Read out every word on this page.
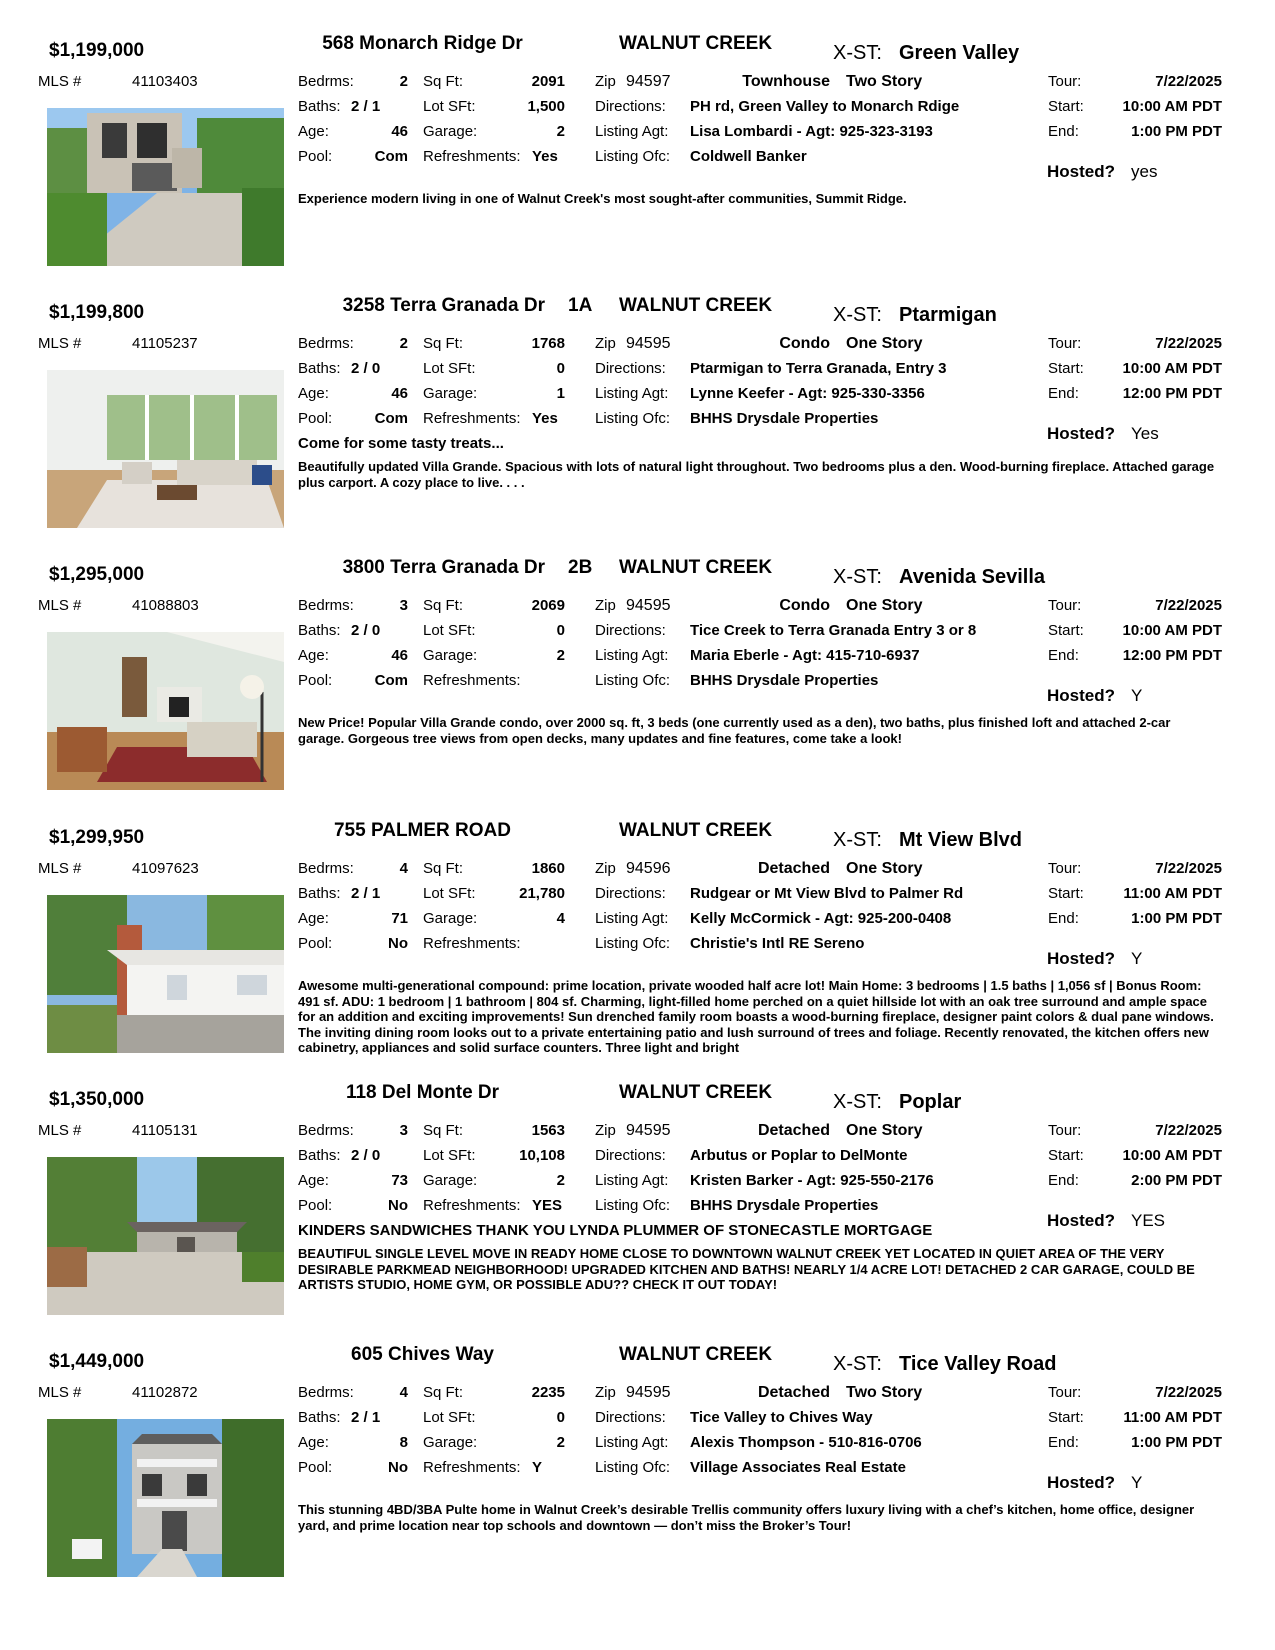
$1,199,000	568 Monarch Ridge Dr	WALNUT CREEK	X-ST: Green Valley
MLS #	41103403	Bedrms:	2
Baths: 2 / 1
Age:	46
Pool:	Com
Sq Ft:	2091
Lot SFt:	1,500
Garage:	2
Refreshments: Yes
Zip 94597	Townhouse Two Story
Directions: PH rd, Green Valley to Monarch Rdige
Listing Agt: Lisa Lombardi - Agt: 925-323-3193
Listing Ofc: Coldwell Banker
Tour:	7/22/2025
Start:	10:00 AM PDT
End:	1:00 PM PDT
Hosted? yes
Experience modern living in one of Walnut Creek's most sought-after communities, Summit Ridge.
$1,199,800	3258 Terra Granada Dr 1A WALNUT CREEK	X-ST: Ptarmigan
MLS #	41105237	Bedrms:	2
Baths: 2 / 0
Age:	46
Pool:	Com
Sq Ft:	1768
Lot SFt:	0
Garage:	1
Refreshments: Yes
Zip 94595	Condo One Story
Directions: Ptarmigan to Terra Granada, Entry 3
Listing Agt: Lynne Keefer - Agt: 925-330-3356
Listing Ofc: BHHS Drysdale Properties
Tour:	7/22/2025
Start:	10:00 AM PDT
End:	12:00 PM PDT
Hosted? Yes
Come for some tasty treats...
Beautifully updated Villa Grande. Spacious with lots of natural light throughout. Two bedrooms plus a den. Wood-burning fireplace. Attached garage plus carport. A cozy place to live. . . .
$1,295,000	3800 Terra Granada Dr 2B WALNUT CREEK	X-ST: Avenida Sevilla
MLS #	41088803	Bedrms:	3
Baths: 2 / 0
Age:	46
Pool:	Com
Sq Ft:	2069
Lot SFt:	0
Garage:	2
Refreshments:
Zip 94595	Condo One Story
Directions: Tice Creek to Terra Granada Entry 3 or 8
Listing Agt: Maria Eberle - Agt: 415-710-6937
Listing Ofc: BHHS Drysdale Properties
Tour:	7/22/2025
Start:	10:00 AM PDT
End:	12:00 PM PDT
Hosted? Y
New Price! Popular Villa Grande condo, over 2000 sq. ft, 3 beds (one currently used as a den), two baths, plus finished loft and attached 2-car garage. Gorgeous tree views from open decks, many updates and fine features, come take a look!
$1,299,950	755 PALMER ROAD	WALNUT CREEK	X-ST: Mt View Blvd
MLS #	41097623	Bedrms:	4
Baths: 2 / 1
Age:	71
Pool:	No
Sq Ft:	1860
Lot SFt:	21,780
Garage:	4
Refreshments:
Zip 94596	Detached One Story
Directions: Rudgear or Mt View Blvd to Palmer Rd
Listing Agt: Kelly McCormick - Agt: 925-200-0408
Listing Ofc: Christie's Intl RE Sereno
Tour:	7/22/2025
Start:	11:00 AM PDT
End:	1:00 PM PDT
Hosted? Y
Awesome multi-generational compound: prime location, private wooded half acre lot! Main Home: 3 bedrooms | 1.5 baths | 1,056 sf | Bonus Room: 491 sf. ADU: 1 bedroom | 1 bathroom | 804 sf. Charming, light-filled home perched on a quiet hillside lot with an oak tree surround and ample space for an addition and exciting improvements! Sun drenched family room boasts a wood-burning fireplace, designer paint colors & dual pane windows. The inviting dining room looks out to a private entertaining patio and lush surround of trees and foliage. Recently renovated, the kitchen offers new cabinetry, appliances and solid surface counters. Three light and bright
$1,350,000	118 Del Monte Dr	WALNUT CREEK	X-ST: Poplar
MLS #	41105131	Bedrms:	3
Baths: 2 / 0
Age:	73
Pool:	No
Sq Ft:	1563
Lot SFt:	10,108
Garage:	2
Refreshments: YES
Zip 94595	Detached One Story
Directions: Arbutus or Poplar to DelMonte
Listing Agt: Kristen Barker - Agt: 925-550-2176
Listing Ofc: BHHS Drysdale Properties
Tour:	7/22/2025
Start:	10:00 AM PDT
End:	2:00 PM PDT
Hosted? YES
KINDERS SANDWICHES THANK YOU LYNDA PLUMMER OF STONECASTLE MORTGAGE
BEAUTIFUL SINGLE LEVEL MOVE IN READY HOME CLOSE TO DOWNTOWN WALNUT CREEK YET LOCATED IN QUIET AREA OF THE VERY DESIRABLE PARKMEAD NEIGHBORHOOD! UPGRADED KITCHEN AND BATHS! NEARLY 1/4 ACRE LOT! DETACHED 2 CAR GARAGE, COULD BE ARTISTS STUDIO, HOME GYM, OR POSSIBLE ADU?? CHECK IT OUT TODAY!
$1,449,000	605 Chives Way	WALNUT CREEK	X-ST: Tice Valley Road
MLS #	41102872	Bedrms:	4
Baths: 2 / 1
Age:	8
Pool:	No
Sq Ft:	2235
Lot SFt:	0
Garage:	2
Refreshments: Y
Zip 94595	Detached Two Story
Directions: Tice Valley to Chives Way
Listing Agt: Alexis Thompson - 510-816-0706
Listing Ofc: Village Associates Real Estate
Tour:	7/22/2025
Start:	11:00 AM PDT
End:	1:00 PM PDT
Hosted? Y
This stunning 4BD/3BA Pulte home in Walnut Creek’s desirable Trellis community offers luxury living with a chef’s kitchen, home office, designer yard, and prime location near top schools and downtown — don’t miss the Broker’s Tour!
